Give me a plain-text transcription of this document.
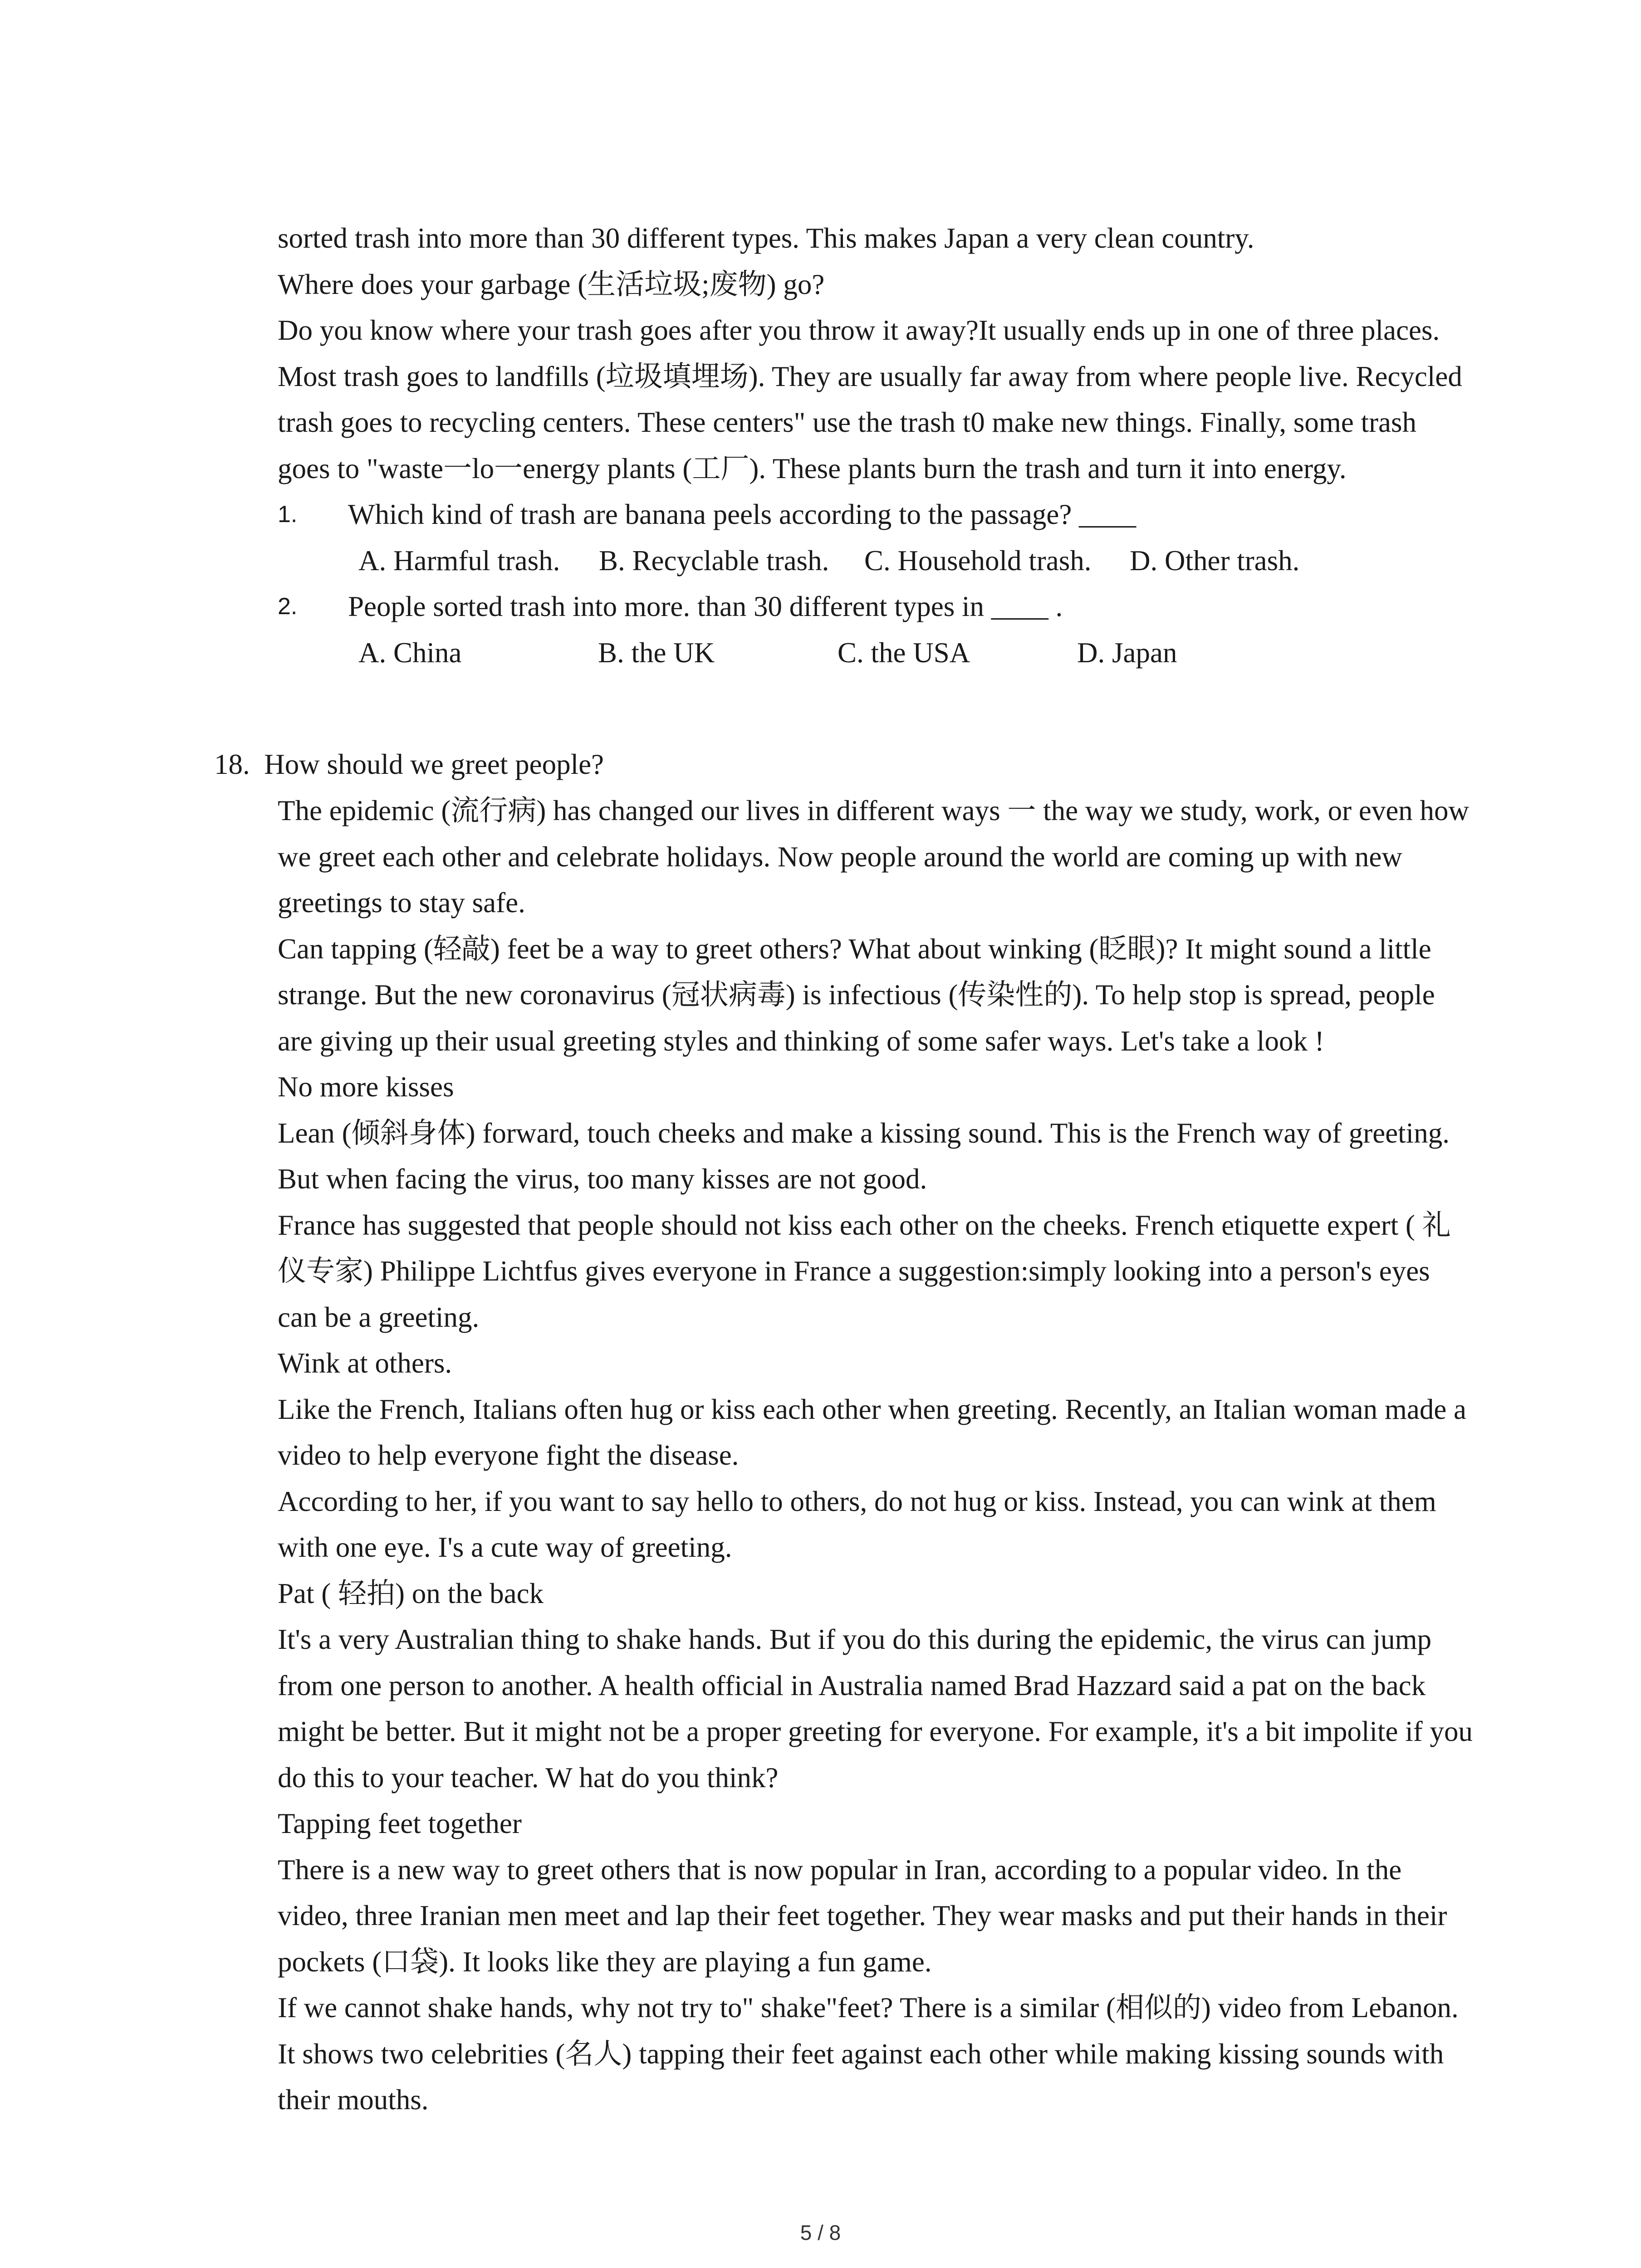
sorted trash into more than 30 different types. This makes Japan a very clean country.

Where does your garbage (生活垃圾;废物) go?

Do you know where your trash goes after you throw it away?It usually ends up in one of three places. Most trash goes to landfills (垃圾填埋场). They are usually far away from where people live. Recycled trash goes to recycling centers. These centers" use the trash t0 make new things. Finally, some trash goes to "waste一lo一energy plants (工厂). These plants burn the trash and turn it into energy.

1. Which kind of trash are banana peels according to the passage? ____

A. Harmful trash. B. Recyclable trash. C. Household trash. D. Other trash.

2. People sorted trash into more. than 30 different types in ____ .

A. China	B. the UK	C. the USA	D. Japan

18. How should we greet people?

The epidemic (流行病) has changed our lives in different ways 一 the way we study, work, or even how we greet each other and celebrate holidays. Now people around the world are coming up with new greetings to stay safe.

Can tapping (轻敲) feet be a way to greet others? What about winking (眨眼)? It might sound a little strange. But the new coronavirus (冠状病毒) is infectious (传染性的). To help stop is spread, people are giving up their usual greeting styles and thinking of some safer ways. Let's take a look !

No more kisses

Lean (倾斜身体) forward, touch cheeks and make a kissing sound. This is the French way of greeting. But when facing the virus, too many kisses are not good.

France has suggested that people should not kiss each other on the cheeks. French etiquette expert ( 礼仪专家) Philippe Lichtfus gives everyone in France a suggestion:simply looking into a person's eyes can be a greeting.

Wink at others.

Like the French, Italians often hug or kiss each other when greeting. Recently, an Italian woman made a video to help everyone fight the disease.

According to her, if you want to say hello to others, do not hug or kiss. Instead, you can wink at them with one eye. I's a cute way of greeting.

Pat ( 轻拍) on the back

It's a very Australian thing to shake hands. But if you do this during the epidemic, the virus can jump from one person to another. A health official in Australia named Brad Hazzard said a pat on the back might be better. But it might not be a proper greeting for everyone. For example, it's a bit impolite if you do this to your teacher. W hat do you think?

Tapping feet together

There is a new way to greet others that is now popular in Iran, according to a popular video. In the video, three Iranian men meet and lap their feet together. They wear masks and put their hands in their pockets (口袋). It looks like they are playing a fun game.

If we cannot shake hands, why not try to" shake"feet? There is a similar (相似的) video from Lebanon. It shows two celebrities (名人) tapping their feet against each other while making kissing sounds with their mouths.

5 / 8
